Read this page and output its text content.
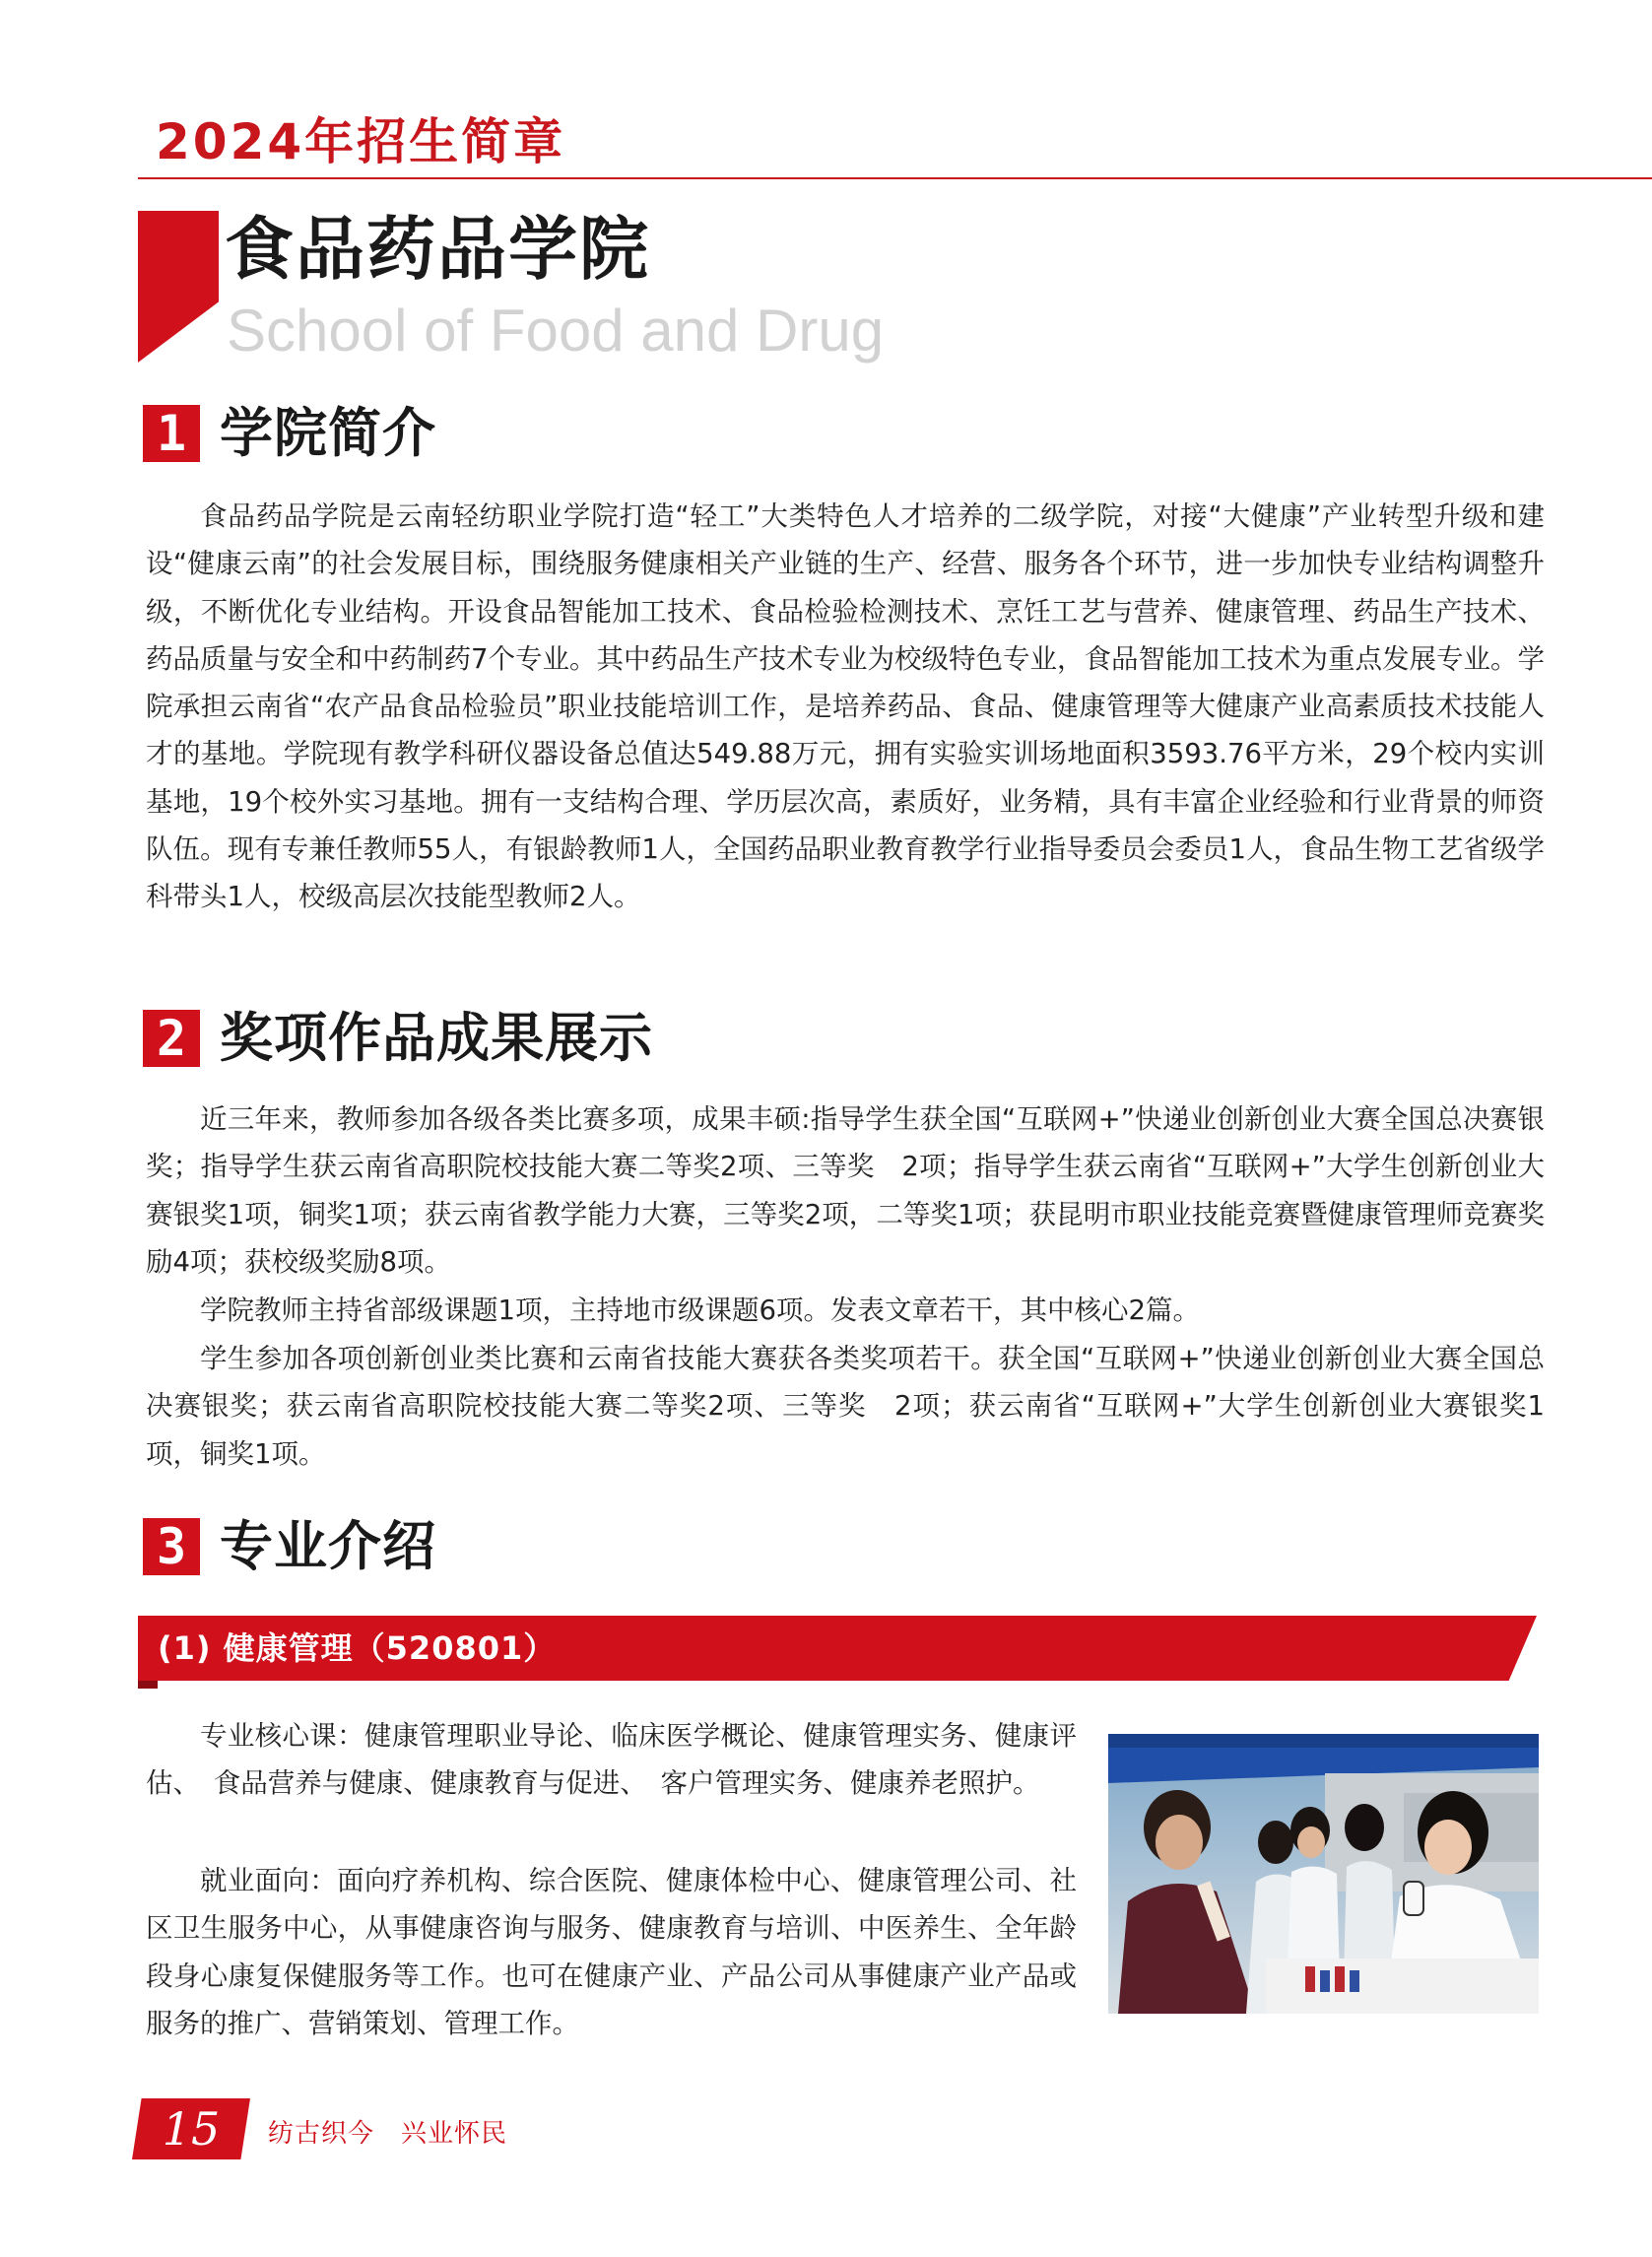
2024年招生简章
食品药品学院

School of Food and Drug

1 学院简介

食品药品学院是云南轻纺职业学院打造“轻工”大类特色人才培养的二级学院，对接“大健康”产业转型升级和建设“健康云南”的社会发展目标，围绕服务健康相关产业链的生产、经营、服务各个环节，进一步加快专业结构调整升级，不断优化专业结构。开设食品智能加工技术、食品检验检测技术、烹饪工艺与营养、健康管理、药品生产技术、药品质量与安全和中药制药7个专业。其中药品生产技术专业为校级特色专业，食品智能加工技术为重点发展专业。学院承担云南省“农产品食品检验员”职业技能培训工作，是培养药品、食品、健康管理等大健康产业高素质技术技能人才的基地。学院现有教学科研仪器设备总值达549.88万元，拥有实验实训场地面积3593.76平方米，29个校内实训基地，19个校外实习基地。拥有一支结构合理、学历层次高，素质好，业务精，具有丰富企业经验和行业背景的师资队伍。现有专兼任教师55人，有银龄教师1人，全国药品职业教育教学行业指导委员会委员1人，食品生物工艺省级学科带头1人，校级高层次技能型教师2人。

2 奖项作品成果展示

近三年来，教师参加各级各类比赛多项，成果丰硕:指导学生获全国“互联网+”快递业创新创业大赛全国总决赛银奖；指导学生获云南省高职院校技能大赛二等奖2项、三等奖　2项；指导学生获云南省“互联网+”大学生创新创业大赛银奖1项，铜奖1项；获云南省教学能力大赛，三等奖2项，二等奖1项；获昆明市职业技能竞赛暨健康管理师竞赛奖励4项；获校级奖励8项。

学院教师主持省部级课题1项，主持地市级课题6项。发表文章若干，其中核心2篇。

学生参加各项创新创业类比赛和云南省技能大赛获各类奖项若干。获全国“互联网+”快递业创新创业大赛全国总决赛银奖；获云南省高职院校技能大赛二等奖2项、三等奖　2项；获云南省“互联网+”大学生创新创业大赛银奖1项，铜奖1项。

3 专业介绍

(1) 健康管理（520801）

专业核心课：健康管理职业导论、临床医学概论、健康管理实务、健康评估、　食品营养与健康、健康教育与促进、　客户管理实务、健康养老照护。

就业面向：面向疗养机构、综合医院、健康体检中心、健康管理公司、社区卫生服务中心，从事健康咨询与服务、健康教育与培训、中医养生、全年龄段身心康复保健服务等工作。也可在健康产业、产品公司从事健康产业产品或服务的推广、营销策划、管理工作。

15	纺古织今　兴业怀民
